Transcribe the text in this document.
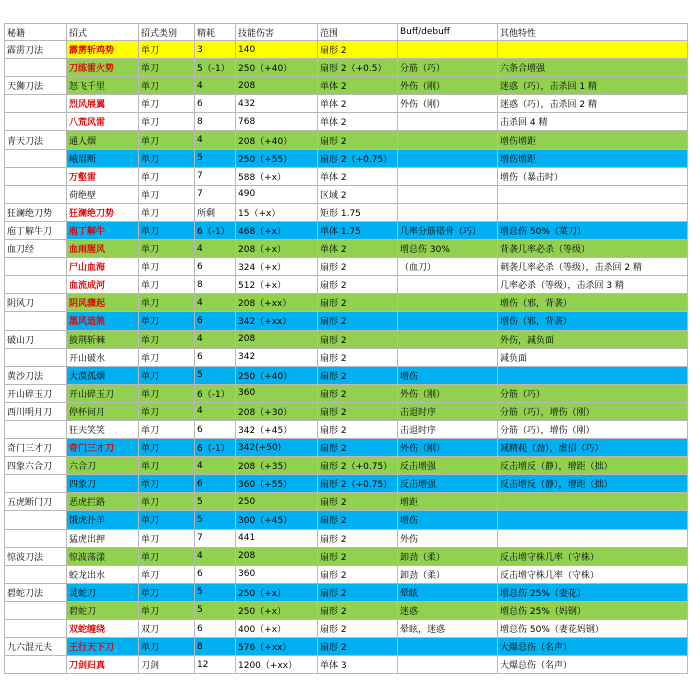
秘籍	招式	招式类别	精耗	技能伤害	范围	Buff/debuff	其他特性
霹雳刀法	霹雳斩鸡势	单刀	3	140	扇形 2		
	刀练雷火势	单刀	5（-1）	250（+40）	扇形 2（+0.5）	分筋（巧）	六条合增强
天狮刀法	怒飞千里	单刀	4	208	单体 2	外伤（刚）	迷惑（巧），击杀回 1 精
	烈风展翼	单刀	6	432	单体 2	外伤（刚）	迷惑（巧），击杀回 2 精
	八荒风雷	单刀	8	768	单体 2		击杀回 4 精
青天刀法	通人烟	单刀	4	208（+40）	扇形 2		增伤增距
	峨眉断	单刀	5	250（+55）	扇形 2（+0.75）		增伤增距
	万壑雷	单刀	7	588（+x）	单体 2		增伤（暴击时）
	荷绝壁	单刀	7	490	区域 2		
狂澜绝刀势	狂澜绝刀势	单刀	所剩	15（+x）	矩形 1.75		
庖丁解牛刀	庖丁解牛	单刀	6（-1）	468（+x）	单体 1.75	几率分筋错骨（巧）	增总伤 50%（菜刀）
血刀经	血雨腥风	单刀	4	208（+x）	单体 2	增总伤 30%	背袭几率必杀（等级）
	尸山血海	单刀	6	324（+x）	扇形 2	（血刀）	刺袭几率必杀（等级），击杀回 2 精
	血流成河	单刀	8	512（+x）	扇形 2		几率必杀（等级），击杀回 3 精
阴风刀	阴风骤起	单刀	4	208（+xx）	扇形 2		增伤（邪，背袭）
	黑风追煞	单刀	6	342（+xx）	扇形 2		增伤（邪，背袭）
破山刀	披荆斩棘	单刀	4	208	扇形 2		外伤，减负面
	开山破水	单刀	6	342	扇形 2		减负面
黄沙刀法	大漠孤烟	单刀	5	250（+40）	扇形 2	增伤	
开山碎玉刀	开山碎玉刀	单刀	6（-1）	360	扇形 2	外伤（刚）	分筋（巧）
西川明月刀	停杯问月	单刀	4	208（+30）	扇形 2	击退时序	分筋（巧），增伤（刚）
	狂夫笑笑	单刀	6	342（+45）	扇形 2	击退时序	分筋（巧），增伤（刚）
奇门三才刀	奇门三才刀	单刀	6（-1）	342(+50)	扇形 2	外伤（刚）	减精耗（劲），虚招（巧）
四象六合刀	六合刀	单刀	4	208（+35）	扇形 2（+0.75）	反击增强	反击增反（静），增距（拙）
	四象刀	单刀	6	360（+55）	扇形 2（+0.75）	反击增强	反击增反（静），增距（拙）
五虎断门刀	恶虎拦路	单刀	5	250	扇形 2	增距	
	饿虎扑羊	单刀	5	300（+45）	扇形 2	增伤	
	猛虎出押	单刀	7	441	扇形 2	外伤	
惊波刀法	惊波荡漾	单刀	4	208	扇形 2	卸劲（柔）	反击增守株几率（守株）
	蛟龙出水	单刀	6	360	扇形 2	卸劲（柔）	反击增守株几率（守株）
碧蛇刀法	灵蛇刀	单刀	5	250（+x）	扇形 2	晕眩	增总伤 25%（妻花）
	碧蛇刀	单刀	5	250（+x）	扇形 2	迷惑	增总伤 25%（妈钢）
	双蛇缠绕	双刀	6	400（+x）	扇形 2	晕眩，迷惑	增总伤 50%（妻花妈钢）
九六混元夫	王行天下刀	单刀	8	576（+xx）	扇形 2		大爆总伤（名声）
	刀剑归真	刀剑	12	1200（+xx）	单体 3		大爆总伤（名声）
